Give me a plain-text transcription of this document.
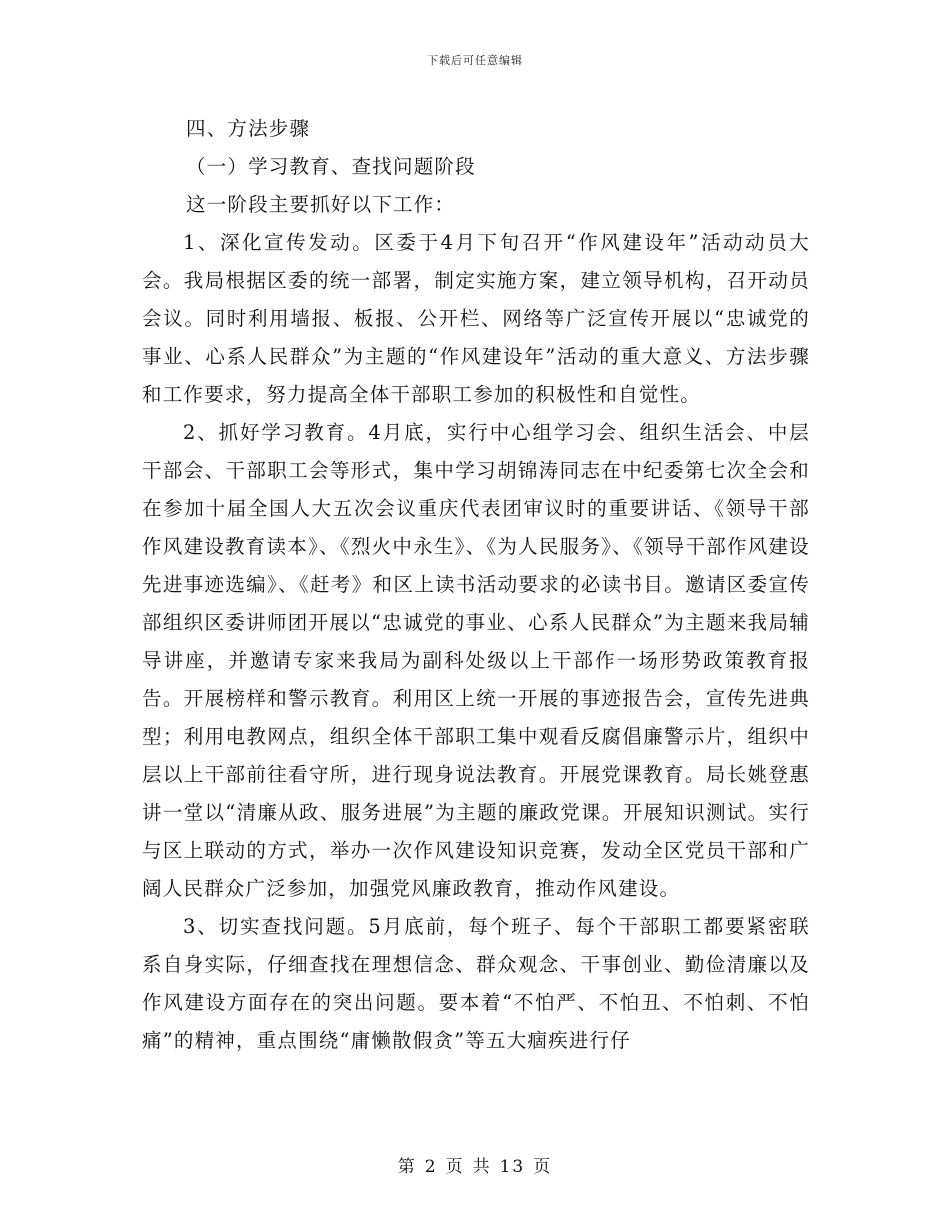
下载后可任意编辑

四、方法步骤

（一）学习教育、查找问题阶段

这一阶段主要抓好以下工作：

1、深化宣传发动。区委于4月下旬召开“作风建设年”活动动员大会。我局根据区委的统一部署，制定实施方案，建立领导机构，召开动员会议。同时利用墙报、板报、公开栏、网络等广泛宣传开展以“忠诚党的事业、心系人民群众”为主题的“作风建设年”活动的重大意义、方法步骤和工作要求，努力提高全体干部职工参加的积极性和自觉性。

2、抓好学习教育。4月底，实行中心组学习会、组织生活会、中层干部会、干部职工会等形式，集中学习胡锦涛同志在中纪委第七次全会和在参加十届全国人大五次会议重庆代表团审议时的重要讲话、《领导干部作风建设教育读本》、《烈火中永生》、《为人民服务》、《领导干部作风建设先进事迹选编》、《赶考》和区上读书活动要求的必读书目。邀请区委宣传部组织区委讲师团开展以“忠诚党的事业、心系人民群众”为主题来我局辅导讲座，并邀请专家来我局为副科处级以上干部作一场形势政策教育报告。开展榜样和警示教育。利用区上统一开展的事迹报告会，宣传先进典型；利用电教网点，组织全体干部职工集中观看反腐倡廉警示片，组织中层以上干部前往看守所，进行现身说法教育。开展党课教育。局长姚登惠讲一堂以“清廉从政、服务进展”为主题的廉政党课。开展知识测试。实行与区上联动的方式，举办一次作风建设知识竞赛，发动全区党员干部和广阔人民群众广泛参加，加强党风廉政教育，推动作风建设。

3、切实查找问题。5月底前，每个班子、每个干部职工都要紧密联系自身实际，仔细查找在理想信念、群众观念、干事创业、勤俭清廉以及作风建设方面存在的突出问题。要本着“不怕严、不怕丑、不怕刺、不怕痛”的精神，重点围绕“庸懒散假贪”等五大痼疾进行仔

第 2 页 共 13 页
